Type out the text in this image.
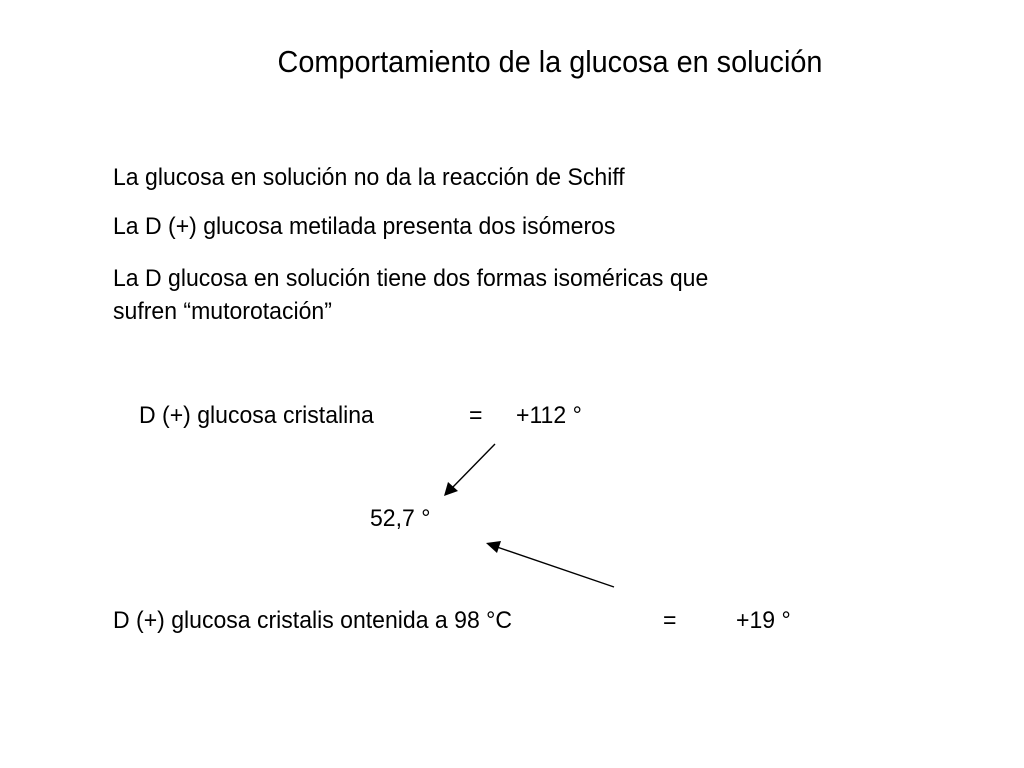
Comportamiento de la glucosa en solución
La glucosa en solución no da la reacción de Schiff
La D (+) glucosa metilada presenta dos isómeros
La D glucosa en solución tiene dos formas isoméricas que
sufren “mutorotación”
D (+) glucosa cristalina	= +112 °
52,7 °
D (+) glucosa cristalis ontenida a 98 °C	= +19 °
